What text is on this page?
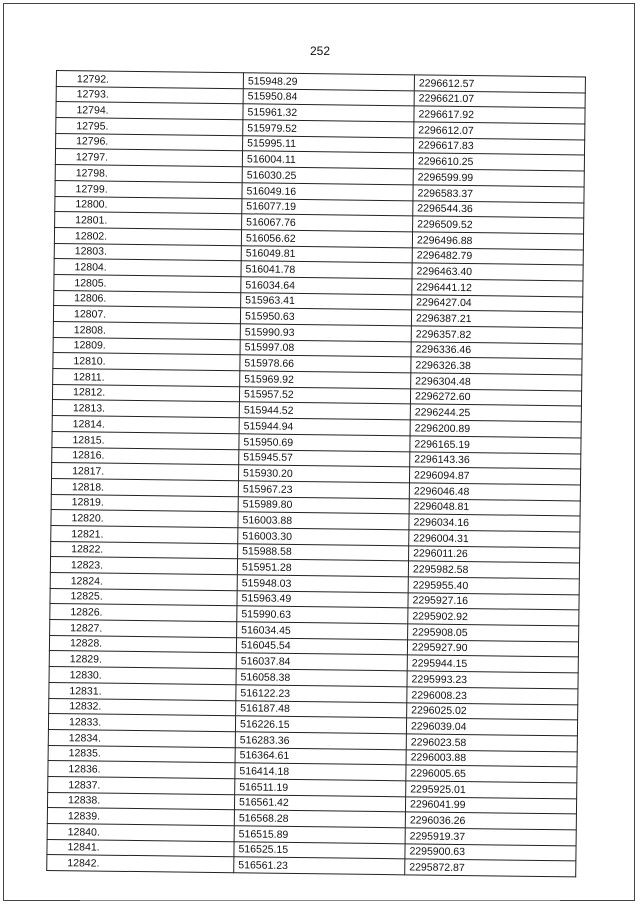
252
12792.	515948.29	2296612.57
12793.	515950.84	2296621.07
12794.	515961.32	2296617.92
12795.	515979.52	2296612.07
12796.	515995.11	2296617.83
12797.	516004.11	2296610.25
12798.	516030.25	2296599.99
12799.	516049.16	2296583.37
12800.	516077.19	2296544.36
12801.	516067.76	2296509.52
12802.	516056.62	2296496.88
12803.	516049.81	2296482.79
12804.	516041.78	2296463.40
12805.	516034.64	2296441.12
12806.	515963.41	2296427.04
12807.	515950.63	2296387.21
12808.	515990.93	2296357.82
12809.	515997.08	2296336.46
12810.	515978.66	2296326.38
12811.	515969.92	2296304.48
12812.	515957.52	2296272.60
12813.	515944.52	2296244.25
12814.	515944.94	2296200.89
12815.	515950.69	2296165.19
12816.	515945.57	2296143.36
12817.	515930.20	2296094.87
12818.	515967.23	2296046.48
12819.	515989.80	2296048.81
12820.	516003.88	2296034.16
12821.	516003.30	2296004.31
12822.	515988.58	2296011.26
12823.	515951.28	2295982.58
12824.	515948.03	2295955.40
12825.	515963.49	2295927.16
12826.	515990.63	2295902.92
12827.	516034.45	2295908.05
12828.	516045.54	2295927.90
12829.	516037.84	2295944.15
12830.	516058.38	2295993.23
12831.	516122.23	2296008.23
12832.	516187.48	2296025.02
12833.	516226.15	2296039.04
12834.	516283.36	2296023.58
12835.	516364.61	2296003.88
12836.	516414.18	2296005.65
12837.	516511.19	2295925.01
12838.	516561.42	2296041.99
12839.	516568.28	2296036.26
12840.	516515.89	2295919.37
12841.	516525.15	2295900.63
12842.	516561.23	2295872.87
